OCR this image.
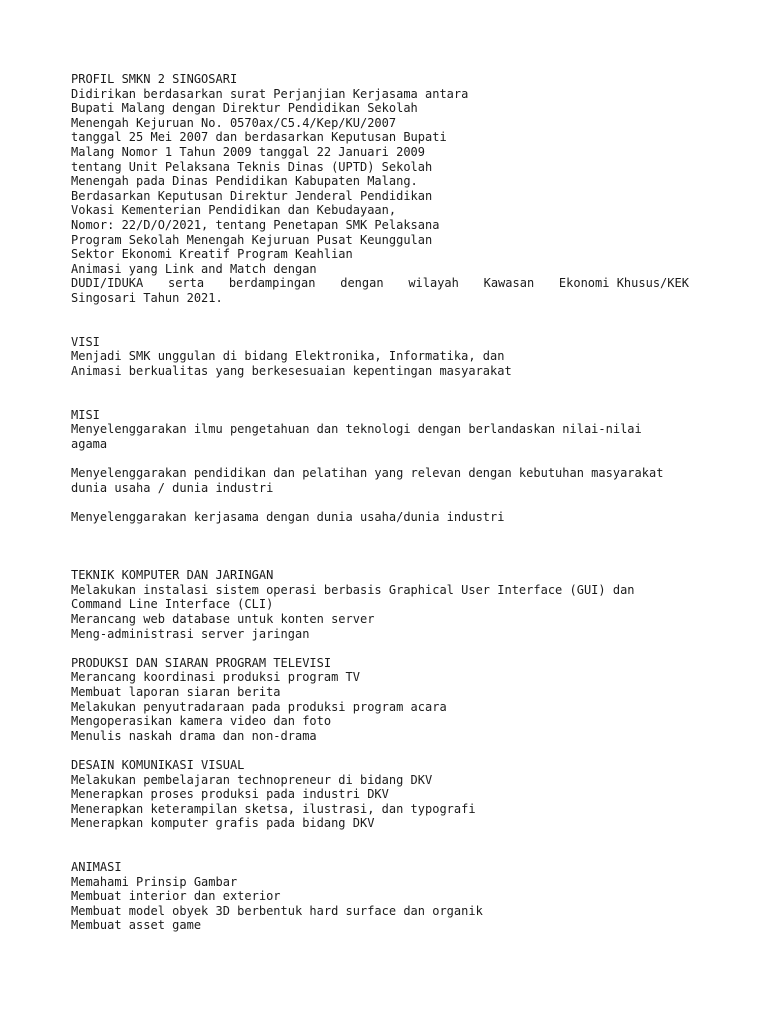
PROFIL SMKN 2 SINGOSARI
Didirikan berdasarkan surat Perjanjian Kerjasama antara
Bupati Malang dengan Direktur Pendidikan Sekolah
Menengah Kejuruan No. 0570ax/C5.4/Kep/KU/2007
tanggal 25 Mei 2007 dan berdasarkan Keputusan Bupati
Malang Nomor 1 Tahun 2009 tanggal 22 Januari 2009
tentang Unit Pelaksana Teknis Dinas (UPTD) Sekolah
Menengah pada Dinas Pendidikan Kabupaten Malang.
Berdasarkan Keputusan Direktur Jenderal Pendidikan
Vokasi Kementerian Pendidikan dan Kebudayaan,
Nomor: 22/D/O/2021, tentang Penetapan SMK Pelaksana
Program Sekolah Menengah Kejuruan Pusat Keunggulan
Sektor Ekonomi Kreatif Program Keahlian
Animasi yang Link and Match dengan
DUDI/IDUKA serta berdampingan dengan wilayah Kawasan Ekonomi Khusus/KEK
Singosari Tahun 2021.
VISI
Menjadi SMK unggulan di bidang Elektronika, Informatika, dan
Animasi berkualitas yang berkesesuaian kepentingan masyarakat
MISI
Menyelenggarakan ilmu pengetahuan dan teknologi dengan berlandaskan nilai-nilai
agama
Menyelenggarakan pendidikan dan pelatihan yang relevan dengan kebutuhan masyarakat
dunia usaha / dunia industri
Menyelenggarakan kerjasama dengan dunia usaha/dunia industri
TEKNIK KOMPUTER DAN JARINGAN
Melakukan instalasi sistem operasi berbasis Graphical User Interface (GUI) dan
Command Line Interface (CLI)
Merancang web database untuk konten server
Meng-administrasi server jaringan
PRODUKSI DAN SIARAN PROGRAM TELEVISI
Merancang koordinasi produksi program TV
Membuat laporan siaran berita
Melakukan penyutradaraan pada produksi program acara
Mengoperasikan kamera video dan foto
Menulis naskah drama dan non-drama
DESAIN KOMUNIKASI VISUAL
Melakukan pembelajaran technopreneur di bidang DKV
Menerapkan proses produksi pada industri DKV
Menerapkan keterampilan sketsa, ilustrasi, dan typografi
Menerapkan komputer grafis pada bidang DKV
ANIMASI
Memahami Prinsip Gambar
Membuat interior dan exterior
Membuat model obyek 3D berbentuk hard surface dan organik
Membuat asset game
